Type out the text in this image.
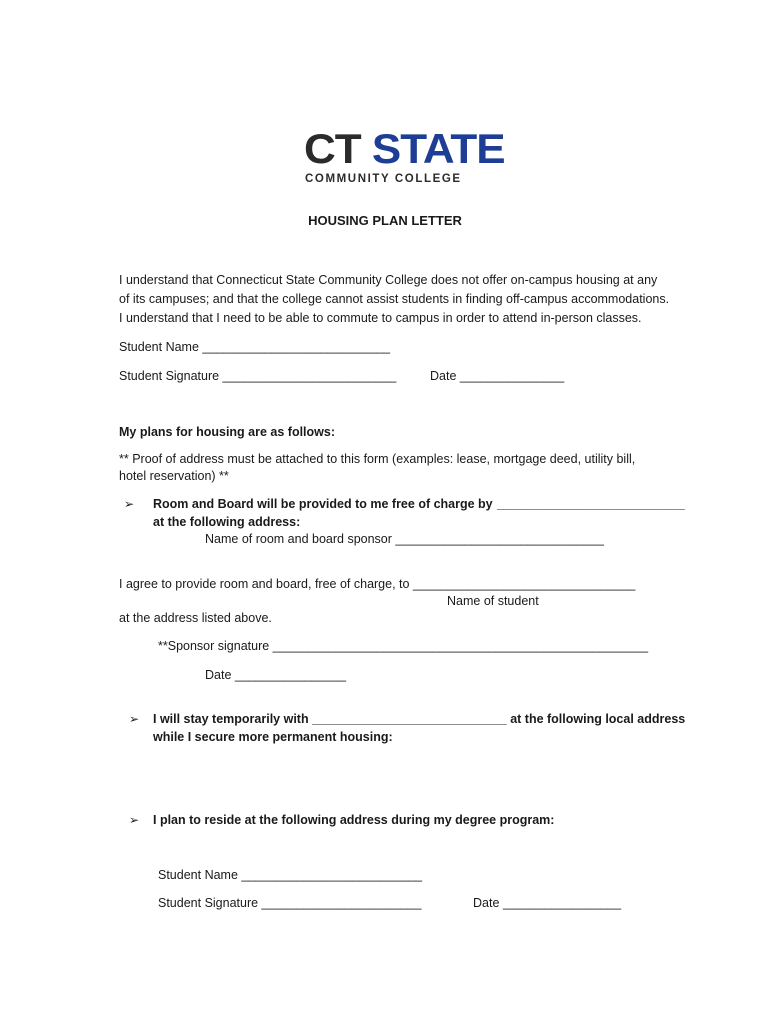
CT STATE
COMMUNITY COLLEGE
HOUSING PLAN LETTER
I understand that Connecticut State Community College does not offer on-campus housing at any
of its campuses; and that the college cannot assist students in finding off-campus accommodations.
I understand that I need to be able to commute to campus in order to attend in-person classes.
Student Name ___________________________
Student Signature _________________________	Date _______________
My plans for housing are as follows:
** Proof of address must be attached to this form (examples: lease, mortgage deed, utility bill,
hotel reservation) **
➢ Room and Board will be provided to me free of charge by ___________________________
at the following address:
Name of room and board sponsor ______________________________
I agree to provide room and board, free of charge, to ________________________________
Name of student
at the address listed above.
**Sponsor signature ______________________________________________________
Date ________________
➢ I will stay temporarily with ____________________________ at the following local address
while I secure more permanent housing:
➢ I plan to reside at the following address during my degree program:
Student Name __________________________
Student Signature _______________________	Date _________________
